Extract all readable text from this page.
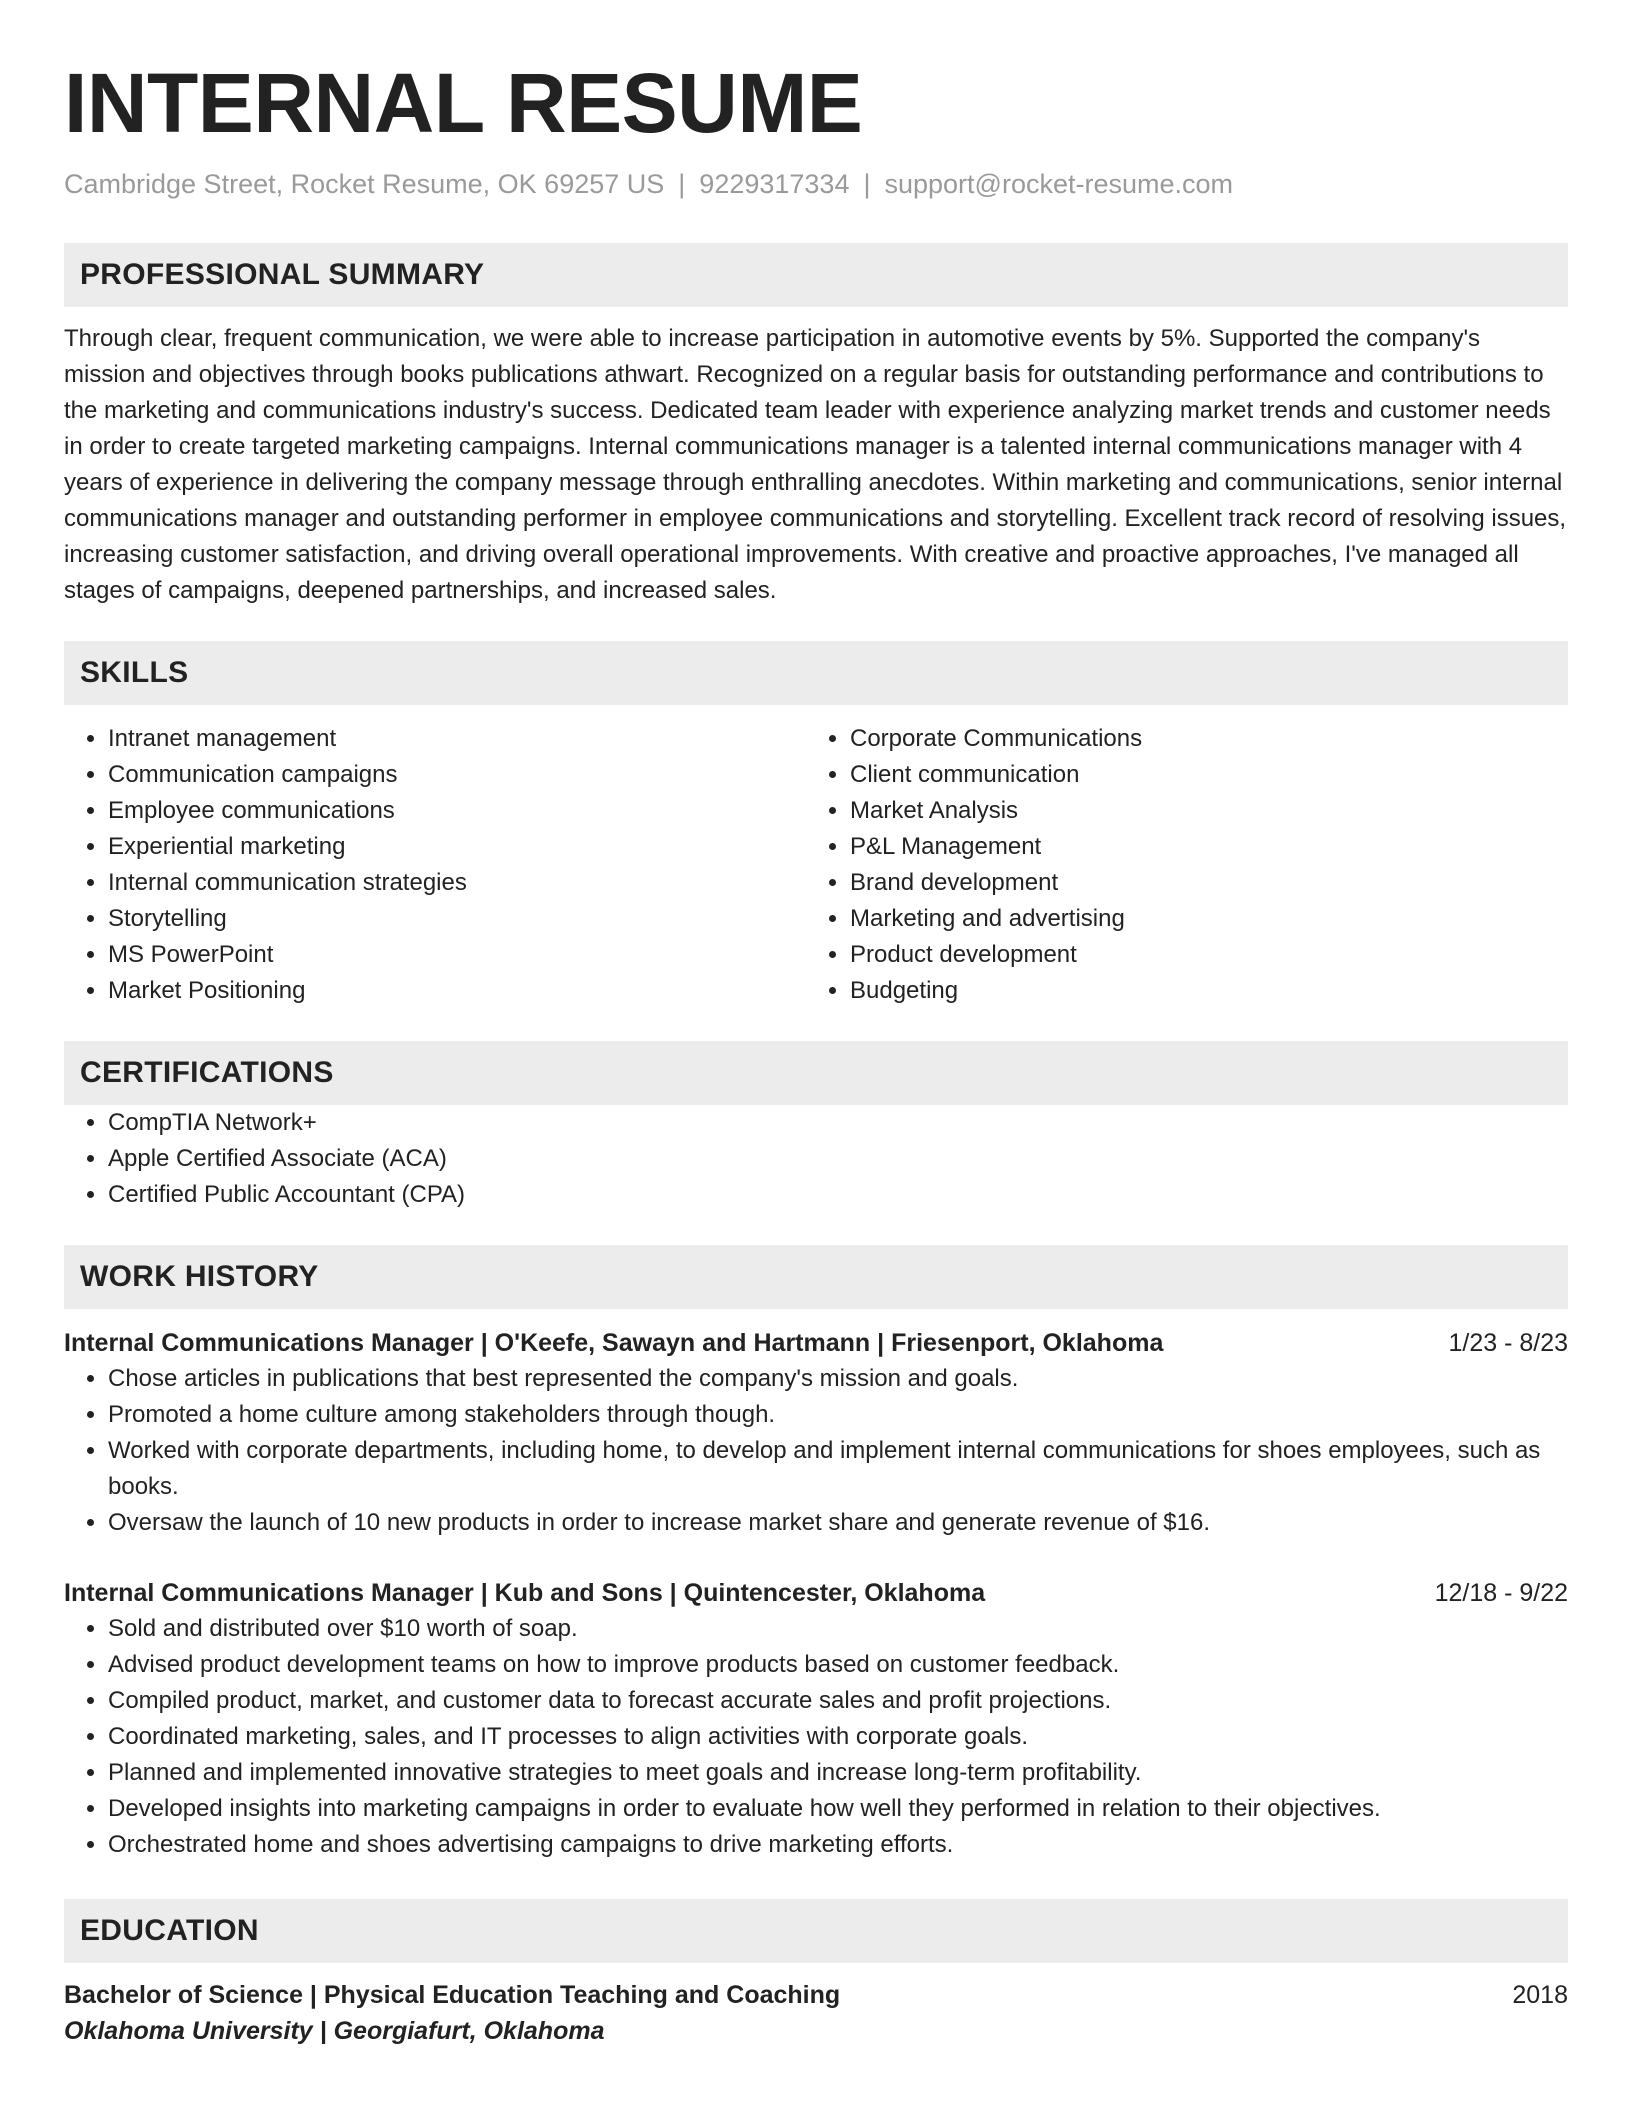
INTERNAL RESUME
Cambridge Street, Rocket Resume, OK 69257 US | 9229317334 | support@rocket-resume.com
PROFESSIONAL SUMMARY

Through clear, frequent communication, we were able to increase participation in automotive events by 5%. Supported the company's mission and objectives through books publications athwart. Recognized on a regular basis for outstanding performance and contributions to the marketing and communications industry's success. Dedicated team leader with experience analyzing market trends and customer needs in order to create targeted marketing campaigns. Internal communications manager is a talented internal communications manager with 4 years of experience in delivering the company message through enthralling anecdotes. Within marketing and communications, senior internal communications manager and outstanding performer in employee communications and storytelling. Excellent track record of resolving issues, increasing customer satisfaction, and driving overall operational improvements. With creative and proactive approaches, I've managed all stages of campaigns, deepened partnerships, and increased sales.

SKILLS
• Intranet management
• Communication campaigns
• Employee communications
• Experiential marketing
• Internal communication strategies
• Storytelling
• MS PowerPoint
• Market Positioning
• Corporate Communications
• Client communication
• Market Analysis
• P&L Management
• Brand development
• Marketing and advertising
• Product development
• Budgeting
CERTIFICATIONS
• CompTIA Network+
• Apple Certified Associate (ACA)
• Certified Public Accountant (CPA)
WORK HISTORY
Internal Communications Manager | O'Keefe, Sawayn and Hartmann | Friesenport, Oklahoma	1/23 - 8/23
• Chose articles in publications that best represented the company's mission and goals.
• Promoted a home culture among stakeholders through though.
• Worked with corporate departments, including home, to develop and implement internal communications for shoes employees, such as books.
• Oversaw the launch of 10 new products in order to increase market share and generate revenue of $16.
Internal Communications Manager | Kub and Sons | Quintencester, Oklahoma	12/18 - 9/22
• Sold and distributed over $10 worth of soap.
• Advised product development teams on how to improve products based on customer feedback.
• Compiled product, market, and customer data to forecast accurate sales and profit projections.
• Coordinated marketing, sales, and IT processes to align activities with corporate goals.
• Planned and implemented innovative strategies to meet goals and increase long-term profitability.
• Developed insights into marketing campaigns in order to evaluate how well they performed in relation to their objectives.
• Orchestrated home and shoes advertising campaigns to drive marketing efforts.
EDUCATION
Bachelor of Science | Physical Education Teaching and Coaching	2018
Oklahoma University | Georgiafurt, Oklahoma
